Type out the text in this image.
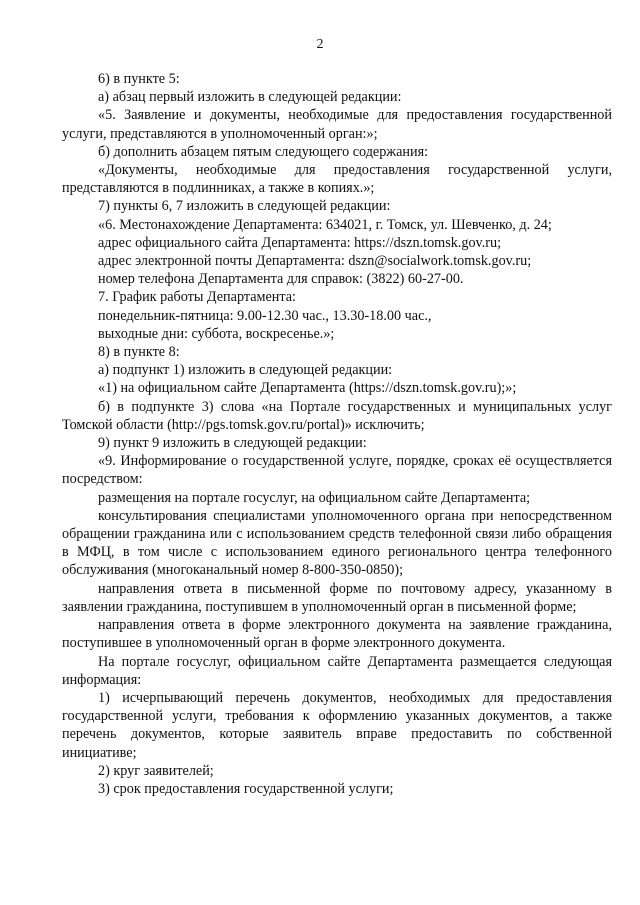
2

6) в пункте 5:

а) абзац первый изложить в следующей редакции:

«5. Заявление и документы, необходимые для предоставления государственной услуги, представляются в уполномоченный орган:»;

б) дополнить абзацем пятым следующего содержания:

«Документы, необходимые для предоставления государственной услуги, представляются в подлинниках, а также в копиях.»;

7) пункты 6, 7 изложить в следующей редакции:

«6. Местонахождение Департамента: 634021, г. Томск, ул. Шевченко, д. 24;

адрес официального сайта Департамента: https://dszn.tomsk.gov.ru;

адрес электронной почты Департамента: dszn@socialwork.tomsk.gov.ru;

номер телефона Департамента для справок: (3822) 60-27-00.

7. График работы Департамента:

понедельник-пятница: 9.00-12.30 час., 13.30-18.00 час.,

выходные дни: суббота, воскресенье.»;

8) в пункте 8:

а) подпункт 1) изложить в следующей редакции:

«1) на официальном сайте Департамента (https://dszn.tomsk.gov.ru);»;

б) в подпункте 3) слова «на Портале государственных и муниципальных услуг Томской области (http://pgs.tomsk.gov.ru/portal)» исключить;

9) пункт 9 изложить в следующей редакции:

«9. Информирование о государственной услуге, порядке, сроках её осуществляется посредством:

размещения на портале госуслуг, на официальном сайте Департамента;

консультирования специалистами уполномоченного органа при непосредственном обращении гражданина или с использованием средств телефонной связи либо обращения в МФЦ, в том числе с использованием единого регионального центра телефонного обслуживания (многоканальный номер 8-800-350-0850);

направления ответа в письменной форме по почтовому адресу, указанному в заявлении гражданина, поступившем в уполномоченный орган в письменной форме;

направления ответа в форме электронного документа на заявление гражданина, поступившее в уполномоченный орган в форме электронного документа.

На портале госуслуг, официальном сайте Департамента размещается следующая информация:

1) исчерпывающий перечень документов, необходимых для предоставления государственной услуги, требования к оформлению указанных документов, а также перечень документов, которые заявитель вправе предоставить по собственной инициативе;

2) круг заявителей;

3) срок предоставления государственной услуги;
